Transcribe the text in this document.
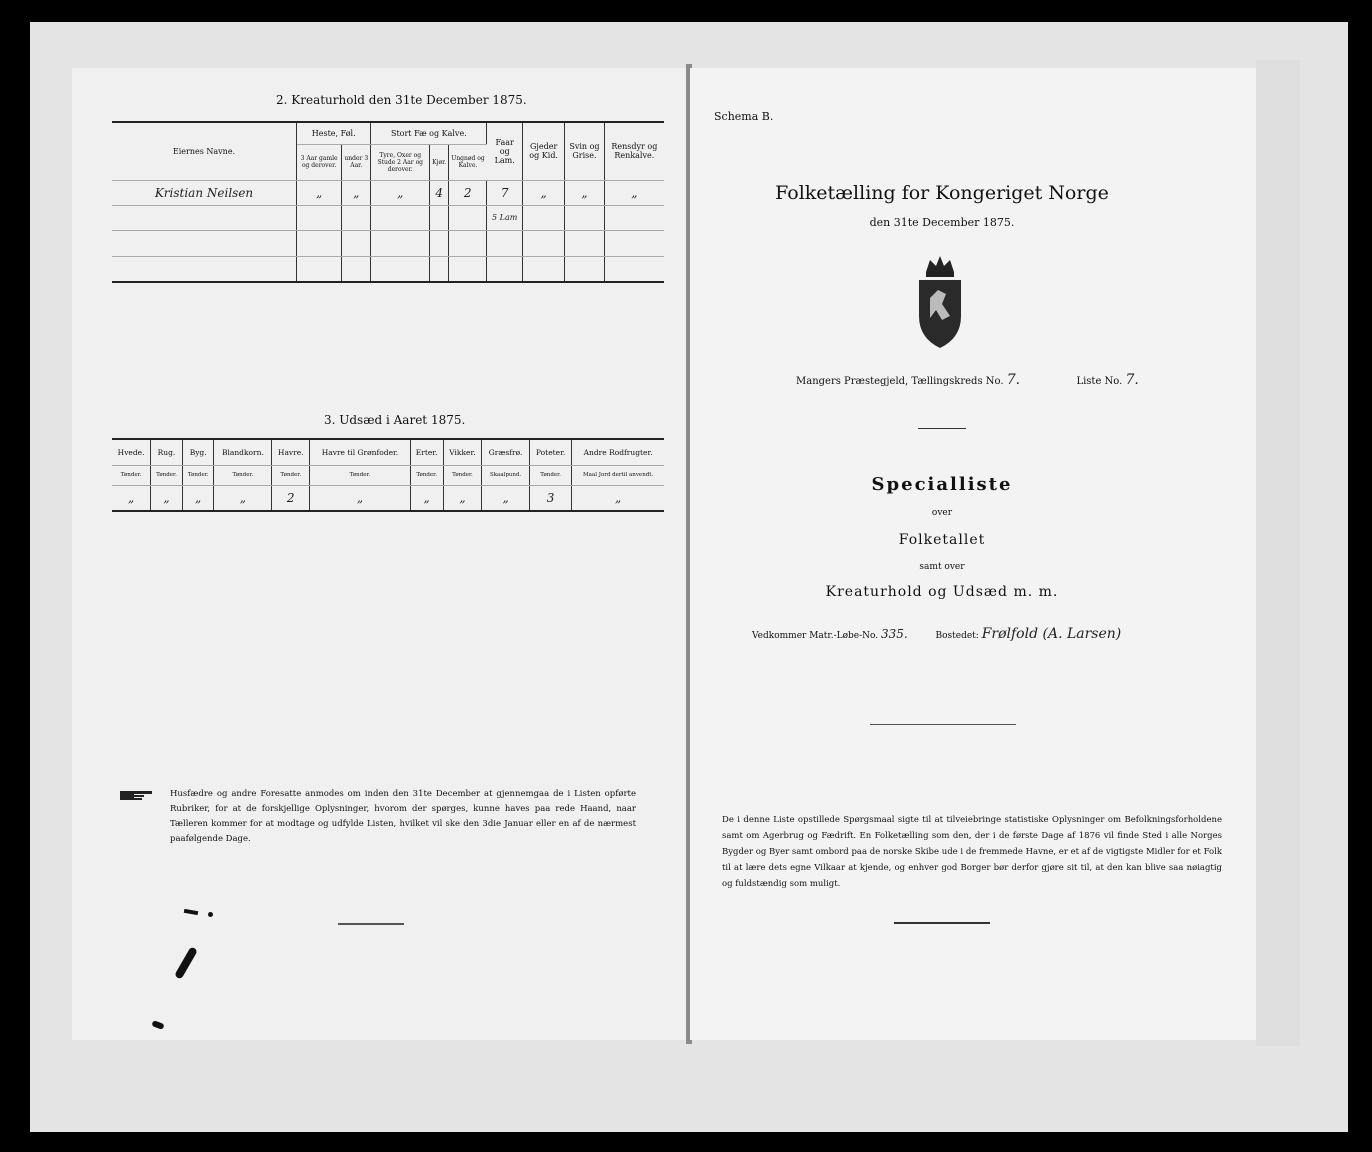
2. Kreaturhold den 31te December 1875.
Eiernes Navne.	Heste, Føl.		Stort Fæ og Kalve.			Faar og Lam.	Gjeder og Kid.	Svin og Grise.	Rensdyr og Renkalve.
	3 Aar gamle og derover.	under 3 Aar.	Tyre, Oxer og Stude 2 Aar og derover.	Kjør.	Ungnød og Kalve.				
Kristian Neilsen	„	„	„	4	2	7	„	„	„
						5 Lam			

3. Udsæd i Aaret 1875.
Hvede.	Rug.	Byg.	Blandkorn.	Havre.	Havre til Grønfoder.	Erter.	Vikker.	Græsfrø.	Poteter.	Andre Rodfrugter.
Tønder.	Tønder.	Tønder.	Tønder.	Tønder.	Tønder.	Tønder.	Tønder.	Skaalpund.	Tønder.	Maal Jord dertil anvendt.
„	„	„	„	2	„	„	„	„	3	„
Husfædre og andre Foresatte anmodes om inden den 31te December at gjennemgaa de i Listen opførte Rubriker, for at de forskjellige Oplysninger, hvorom der spørges, kunne haves paa rede Haand, naar Tælleren kommer for at modtage og udfylde Listen, hvilket vil ske den 3die Januar eller en af de nærmest paafølgende Dage.
Schema B.
Folketælling for Kongeriget Norge
den 31te December 1875.
Mangers Præstegjeld, Tællingskreds No. 7.	Liste No. 7.
Specialliste
over
Folketallet
samt over
Kreaturhold og Udsæd m. m.
Vedkommer Matr.-Løbe-No. 335.	Bostedet: Frølfold (A. Larsen)
De i denne Liste opstillede Spørgsmaal sigte til at tilveiebringe statistiske Oplysninger om Befolkningsforholdene samt om Agerbrug og Fædrift. En Folketælling som den, der i de første Dage af 1876 vil finde Sted i alle Norges Bygder og Byer samt ombord paa de norske Skibe ude i de fremmede Havne, er et af de vigtigste Midler for et Folk til at lære dets egne Vilkaar at kjende, og enhver god Borger bør derfor gjøre sit til, at den kan blive saa nøiagtig og fuldstændig som muligt.
